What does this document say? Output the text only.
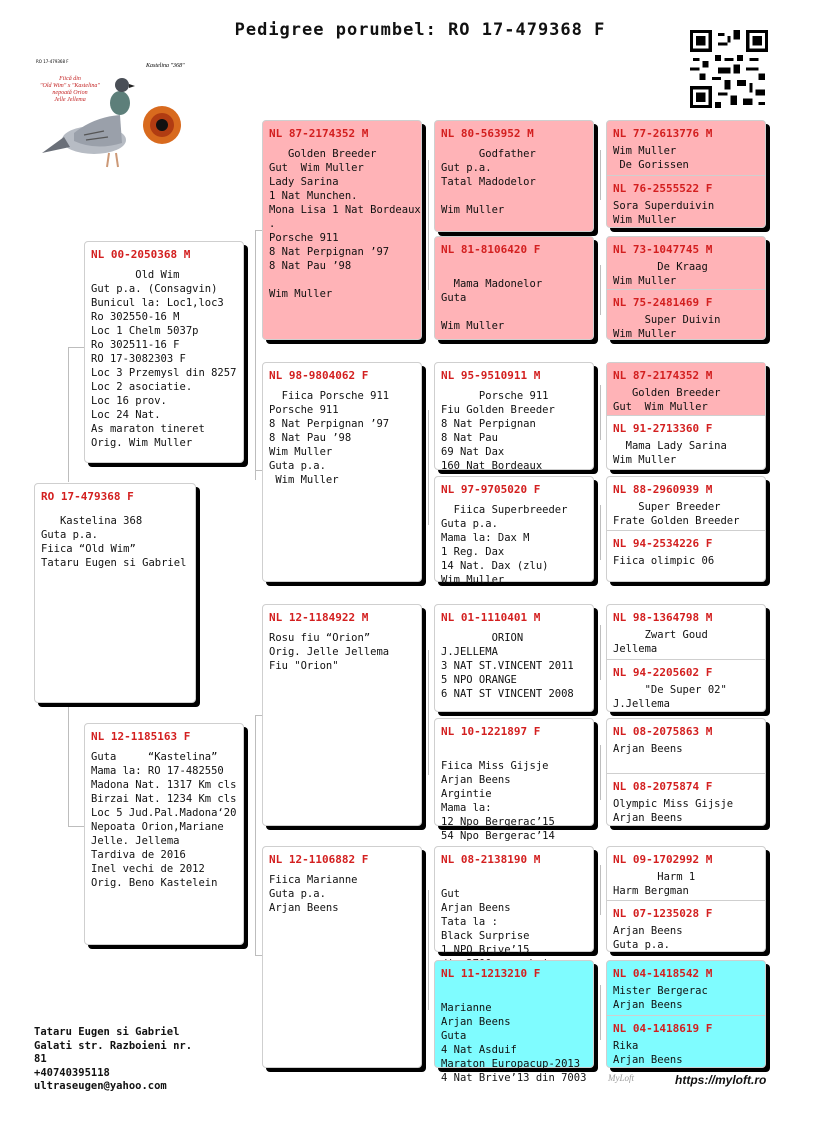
Pedigree porumbel: RO 17-479368 F
RO 17-479368 F
Kastelina "368"
Fiică din "Old Wim" x "Kastelina" nepoată Orion Jelle Jellema
RO 17-479368 F
Kastelina 368
Guta p.a.
Fiica “Old Wim”
Tataru Eugen si Gabriel
NL 00-2050368 M
Old Wim
Gut p.a. (Consagvin)
Bunicul la: Loc1,loc3
Ro 302550-16 M
Loc 1 Chelm 5037p
Ro 302511-16 F
RO 17-3082303 F
Loc 3 Przemysl din 8257
Loc 2 asociatie.
Loc 16 prov.
Loc 24 Nat.
As maraton tineret
Orig. Wim Muller
NL 12-1185163 F
Guta     “Kastelina”
Mama la: RO 17-482550
Madona Nat. 1317 Km cls
Birzai Nat. 1234 Km cls
Loc 5 Jud.Pal.Madona‘20
Nepoata Orion,Mariane
Jelle. Jellema
Tardiva de 2016
Inel vechi de 2012
Orig. Beno Kastelein
NL 87-2174352 M
Golden Breeder
Gut  Wim Muller
Lady Sarina
1 Nat Munchen.
Mona Lisa 1 Nat Bordeaux
.
Porsche 911
8 Nat Perpignan ’97
8 Nat Pau ’98

Wim Muller
NL 98-9804062 F
Fiica Porsche 911
Porsche 911
8 Nat Perpignan ’97
8 Nat Pau ’98
Wim Muller
Guta p.a.
Wim Muller
NL 12-1184922 M
Rosu fiu “Orion”
Orig. Jelle Jellema
Fiu "Orion"
NL 12-1106882 F
Fiica Marianne
Guta p.a.
Arjan Beens
NL 80-563952 M
Godfather
Gut p.a.
Tatal Madodelor

Wim Muller
NL 81-8106420 F

Mama Madonelor
Guta

Wim Muller
NL 95-9510911 M
Porsche 911
Fiu Golden Breeder
8 Nat Perpignan
8 Nat Pau
69 Nat Dax
160 Nat Bordeaux
NL 97-9705020 F
Fiica Superbreeder
Guta p.a.
Mama la: Dax M
1 Reg. Dax
14 Nat. Dax (zlu)
Wim Muller
NL 01-1110401 M
ORION
J.JELLEMA
3 NAT ST.VINCENT 2011
5 NPO ORANGE
6 NAT ST VINCENT 2008
NL 10-1221897 F

Fiica Miss Gijsje
Arjan Beens
Argintie
Mama la:
12 Npo Bergerac’15
54 Npo Bergerac’14
NL 08-2138190 M

Gut
Arjan Beens
Tata la :
Black Surprise
1 NPO Brive’15

NL 11-1213210 F

Marianne
Arjan Beens
Guta
4 Nat Asduif
Maraton Europacup-2013
4 Nat Brive’13 din 7003
NL 77-2613776 M
Wim Muller
De Gorissen
NL 76-2555522 F
Sora Superduivin
Wim Muller
NL 73-1047745 M
De Kraag
Wim Muller
NL 75-2481469 F
Super Duivin
Wim Muller
NL 87-2174352 M
Golden Breeder
Gut  Wim Muller
NL 91-2713360 F
Mama Lady Sarina
Wim Muller
NL 88-2960939 M
Super Breeder
Frate Golden Breeder
NL 94-2534226 F
Fiica olimpic 06
NL 98-1364798 M
Zwart Goud
Jellema
NL 94-2205602 F
"De Super 02"
J.Jellema
NL 08-2075863 M
Arjan Beens
NL 08-2075874 F
Olympic Miss Gijsje
Arjan Beens
NL 09-1702992 M
Harm 1
Harm Bergman
NL 07-1235028 F
Arjan Beens
Guta p.a.
NL 04-1418542 M
Mister Bergerac
Arjan Beens
NL 04-1418619 F
Rika
Arjan Beens
Tataru Eugen si Gabriel
Galati str. Razboieni nr.
81
+40740395118
ultraseugen@yahoo.com
MyLoft	https://myloft.ro
